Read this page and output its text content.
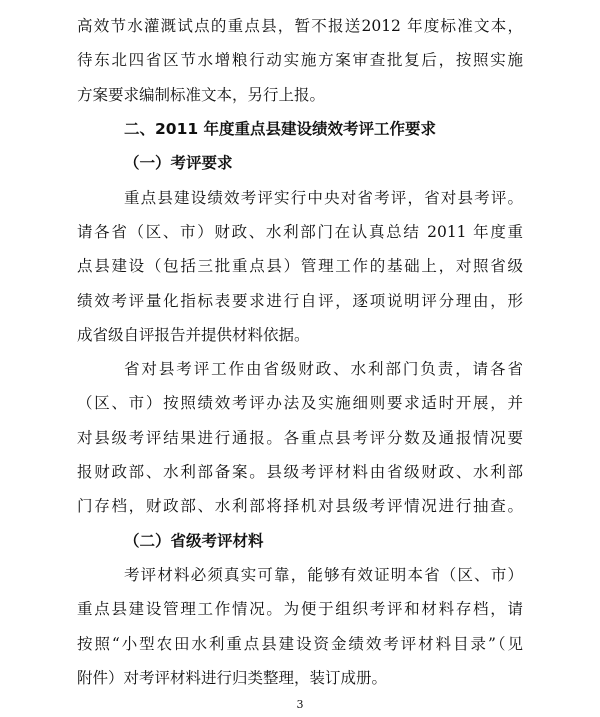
高效节水灌溉试点的重点县，暂不报送2012 年度标准文本，
待东北四省区节水增粮行动实施方案审查批复后，按照实施
方案要求编制标准文本，另行上报。
二、2011 年度重点县建设绩效考评工作要求
（一）考评要求
重点县建设绩效考评实行中央对省考评，省对县考评。
请各省（区、市）财政、水利部门在认真总结 2011 年度重
点县建设（包括三批重点县）管理工作的基础上，对照省级
绩效考评量化指标表要求进行自评，逐项说明评分理由，形
成省级自评报告并提供材料依据。
省对县考评工作由省级财政、水利部门负责，请各省
（区、市）按照绩效考评办法及实施细则要求适时开展，并
对县级考评结果进行通报。各重点县考评分数及通报情况要
报财政部、水利部备案。县级考评材料由省级财政、水利部
门存档，财政部、水利部将择机对县级考评情况进行抽查。
（二）省级考评材料
考评材料必须真实可靠，能够有效证明本省（区、市）
重点县建设管理工作情况。为便于组织考评和材料存档，请
按照“小型农田水利重点县建设资金绩效考评材料目录”（见
附件）对考评材料进行归类整理，装订成册。
3
